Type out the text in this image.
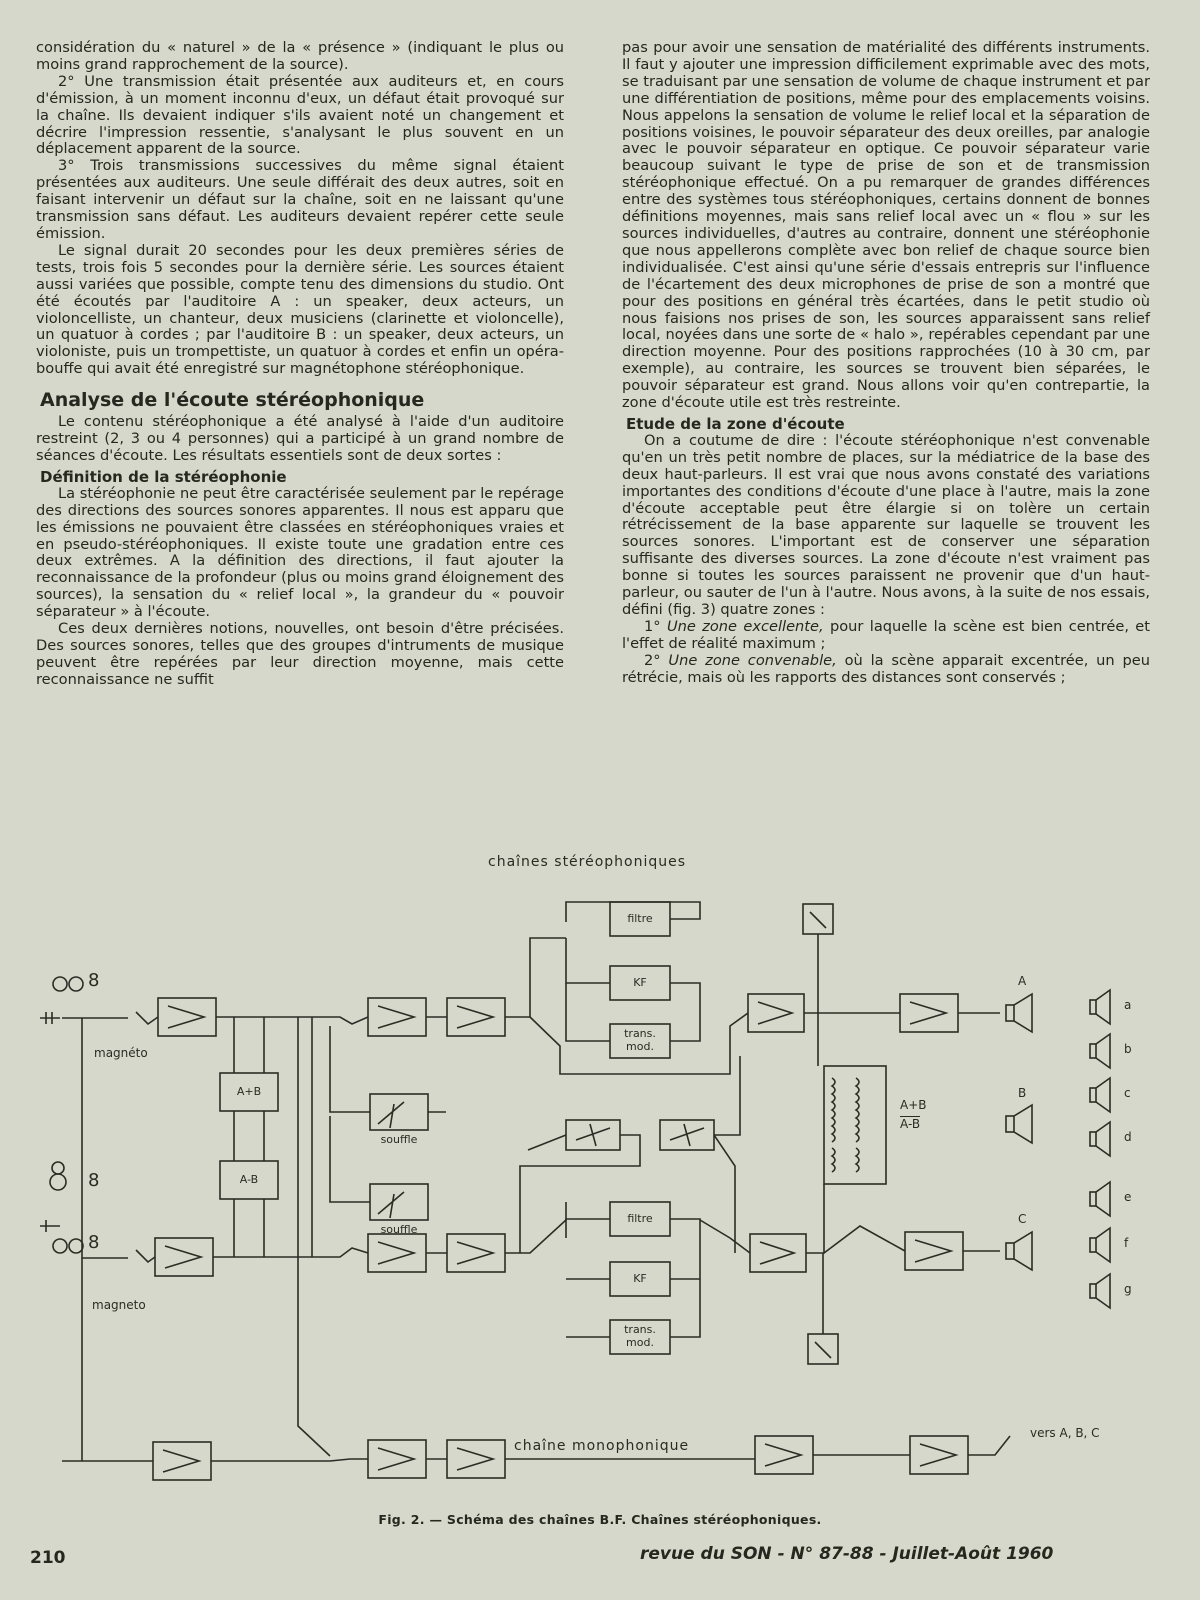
considération du « naturel » de la « présence » (indiquant le plus ou moins grand rapprochement de la source).

2° Une transmission était présentée aux auditeurs et, en cours d'émission, à un moment inconnu d'eux, un défaut était provoqué sur la chaîne. Ils devaient indiquer s'ils avaient noté un changement et décrire l'impression ressentie, s'analysant le plus souvent en un déplacement apparent de la source.

3° Trois transmissions successives du même signal étaient présentées aux auditeurs. Une seule différait des deux autres, soit en faisant intervenir un défaut sur la chaîne, soit en ne laissant qu'une transmission sans défaut. Les auditeurs devaient repérer cette seule émission.

Le signal durait 20 secondes pour les deux premières séries de tests, trois fois 5 secondes pour la dernière série. Les sources étaient aussi variées que possible, compte tenu des dimensions du studio. Ont été écoutés par l'auditoire A : un speaker, deux acteurs, un violoncelliste, un chanteur, deux musiciens (clarinette et violoncelle), un quatuor à cordes ; par l'auditoire B : un speaker, deux acteurs, un violoniste, puis un trompettiste, un quatuor à cordes et enfin un opéra-bouffe qui avait été enregistré sur magnétophone stéréophonique.

Analyse de l'écoute stéréophonique

Le contenu stéréophonique a été analysé à l'aide d'un auditoire restreint (2, 3 ou 4 personnes) qui a participé à un grand nombre de séances d'écoute. Les résultats essentiels sont de deux sortes :

Définition de la stéréophonie

La stéréophonie ne peut être caractérisée seulement par le repérage des directions des sources sonores apparentes. Il nous est apparu que les émissions ne pouvaient être classées en stéréophoniques vraies et en pseudo-stéréophoniques. Il existe toute une gradation entre ces deux extrêmes. A la définition des directions, il faut ajouter la reconnaissance de la profondeur (plus ou moins grand éloignement des sources), la sensation du « relief local », la grandeur du « pouvoir séparateur » à l'écoute.

Ces deux dernières notions, nouvelles, ont besoin d'être précisées. Des sources sonores, telles que des groupes d'intruments de musique peuvent être repérées par leur direction moyenne, mais cette reconnaissance ne suffit

pas pour avoir une sensation de matérialité des différents instruments. Il faut y ajouter une impression difficilement exprimable avec des mots, se traduisant par une sensation de volume de chaque instrument et par une différentiation de positions, même pour des emplacements voisins. Nous appelons la sensation de volume le relief local et la séparation de positions voisines, le pouvoir séparateur des deux oreilles, par analogie avec le pouvoir séparateur en optique. Ce pouvoir séparateur varie beaucoup suivant le type de prise de son et de transmission stéréophonique effectué. On a pu remarquer de grandes différences entre des systèmes tous stéréophoniques, certains donnent de bonnes définitions moyennes, mais sans relief local avec un « flou » sur les sources individuelles, d'autres au contraire, donnent une stéréophonie que nous appellerons complète avec bon relief de chaque source bien individualisée. C'est ainsi qu'une série d'essais entrepris sur l'influence de l'écartement des deux microphones de prise de son a montré que pour des positions en général très écartées, dans le petit studio où nous faisions nos prises de son, les sources apparaissent sans relief local, noyées dans une sorte de « halo », repérables cependant par une direction moyenne. Pour des positions rapprochées (10 à 30 cm, par exemple), au contraire, les sources se trouvent bien séparées, le pouvoir séparateur est grand. Nous allons voir qu'en contrepartie, la zone d'écoute utile est très restreinte.

Etude de la zone d'écoute

On a coutume de dire : l'écoute stéréophonique n'est convenable qu'en un très petit nombre de places, sur la médiatrice de la base des deux haut-parleurs. Il est vrai que nous avons constaté des variations importantes des conditions d'écoute d'une place à l'autre, mais la zone d'écoute acceptable peut être élargie si on tolère un certain rétrécissement de la base apparente sur laquelle se trouvent les sources sonores. L'important est de conserver une séparation suffisante des diverses sources. La zone d'écoute n'est vraiment pas bonne si toutes les sources paraissent ne provenir que d'un haut-parleur, ou sauter de l'un à l'autre. Nous avons, à la suite de nos essais, défini (fig. 3) quatre zones :

1° Une zone excellente, pour laquelle la scène est bien centrée, et l'effet de réalité maximum ;

2° Une zone convenable, où la scène apparait excentrée, un peu rétrécie, mais où les rapports des distances sont conservés ;

chaînes stéréophoniques
chaîne monophonique
8
8
8
magnéto
magneto
A+B
A-B
souffle
souffle
filtre
KF
trans.
mod.
filtre
KF
trans.
mod.
A+B
A-B
A
B
C
a
b
c
d
e
f
g
vers A, B, C
Fig. 2. — Schéma des chaînes B.F. Chaînes stéréophoniques.
210	revue du SON - N° 87-88 - Juillet-Août 1960
